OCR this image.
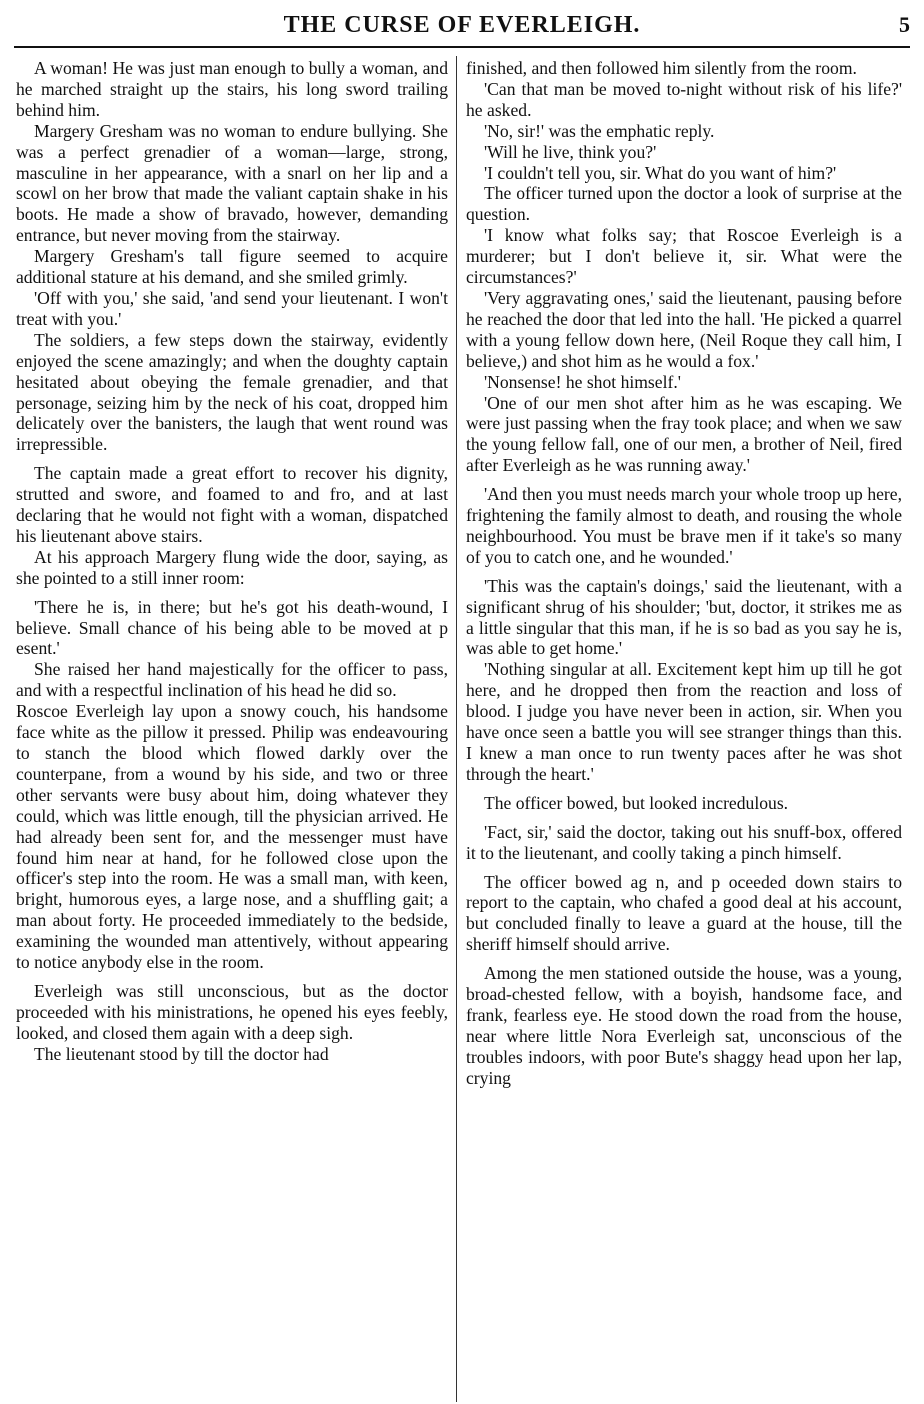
THE CURSE OF EVERLEIGH.	5

A woman! He was just man enough to bully a woman, and he marched straight up the stairs, his long sword trailing behind him.

Margery Gresham was no woman to endure bullying. She was a perfect grenadier of a woman—large, strong, masculine in her appearance, with a snarl on her lip and a scowl on her brow that made the valiant captain shake in his boots. He made a show of bravado, however, demanding entrance, but never moving from the stairway.

Margery Gresham's tall figure seemed to acquire additional stature at his demand, and she smiled grimly.

'Off with you,' she said, 'and send your lieutenant. I won't treat with you.'

The soldiers, a few steps down the stairway, evidently enjoyed the scene amazingly; and when the doughty captain hesitated about obeying the female grenadier, and that personage, seizing him by the neck of his coat, dropped him delicately over the banisters, the laugh that went round was irrepressible.

The captain made a great effort to recover his dignity, strutted and swore, and foamed to and fro, and at last declaring that he would not fight with a woman, dispatched his lieutenant above stairs.

At his approach Margery flung wide the door, saying, as she pointed to a still inner room:

'There he is, in there; but he's got his death-wound, I believe. Small chance of his being able to be moved at p esent.'

She raised her hand majestically for the officer to pass, and with a respectful inclination of his head he did so.

Roscoe Everleigh lay upon a snowy couch, his handsome face white as the pillow it pressed. Philip was endeavouring to stanch the blood which flowed darkly over the counterpane, from a wound by his side, and two or three other servants were busy about him, doing whatever they could, which was little enough, till the physician arrived. He had already been sent for, and the messenger must have found him near at hand, for he followed close upon the officer's step into the room. He was a small man, with keen, bright, humorous eyes, a large nose, and a shuffling gait; a man about forty. He proceeded immediately to the bedside, examining the wounded man attentively, without appearing to notice anybody else in the room.

Everleigh was still unconscious, but as the doctor proceeded with his ministrations, he opened his eyes feebly, looked, and closed them again with a deep sigh.

The lieutenant stood by till the doctor had

finished, and then followed him silently from the room.

'Can that man be moved to-night without risk of his life?' he asked.

'No, sir!' was the emphatic reply.

'Will he live, think you?'

'I couldn't tell you, sir. What do you want of him?'

The officer turned upon the doctor a look of surprise at the question.

'I know what folks say; that Roscoe Everleigh is a murderer; but I don't believe it, sir. What were the circumstances?'

'Very aggravating ones,' said the lieutenant, pausing before he reached the door that led into the hall. 'He picked a quarrel with a young fellow down here, (Neil Roque they call him, I believe,) and shot him as he would a fox.'

'Nonsense! he shot himself.'

'One of our men shot after him as he was escaping. We were just passing when the fray took place; and when we saw the young fellow fall, one of our men, a brother of Neil, fired after Everleigh as he was running away.'

'And then you must needs march your whole troop up here, frightening the family almost to death, and rousing the whole neighbourhood. You must be brave men if it take's so many of you to catch one, and he wounded.'

'This was the captain's doings,' said the lieutenant, with a significant shrug of his shoulder; 'but, doctor, it strikes me as a little singular that this man, if he is so bad as you say he is, was able to get home.'

'Nothing singular at all. Excitement kept him up till he got here, and he dropped then from the reaction and loss of blood. I judge you have never been in action, sir. When you have once seen a battle you will see stranger things than this. I knew a man once to run twenty paces after he was shot through the heart.'

The officer bowed, but looked incredulous.

'Fact, sir,' said the doctor, taking out his snuff-box, offered it to the lieutenant, and coolly taking a pinch himself.

The officer bowed ag n, and p oceeded down stairs to report to the captain, who chafed a good deal at his account, but concluded finally to leave a guard at the house, till the sheriff himself should arrive.

Among the men stationed outside the house, was a young, broad-chested fellow, with a boyish, handsome face, and frank, fearless eye. He stood down the road from the house, near where little Nora Everleigh sat, unconscious of the troubles indoors, with poor Bute's shaggy head upon her lap, crying
